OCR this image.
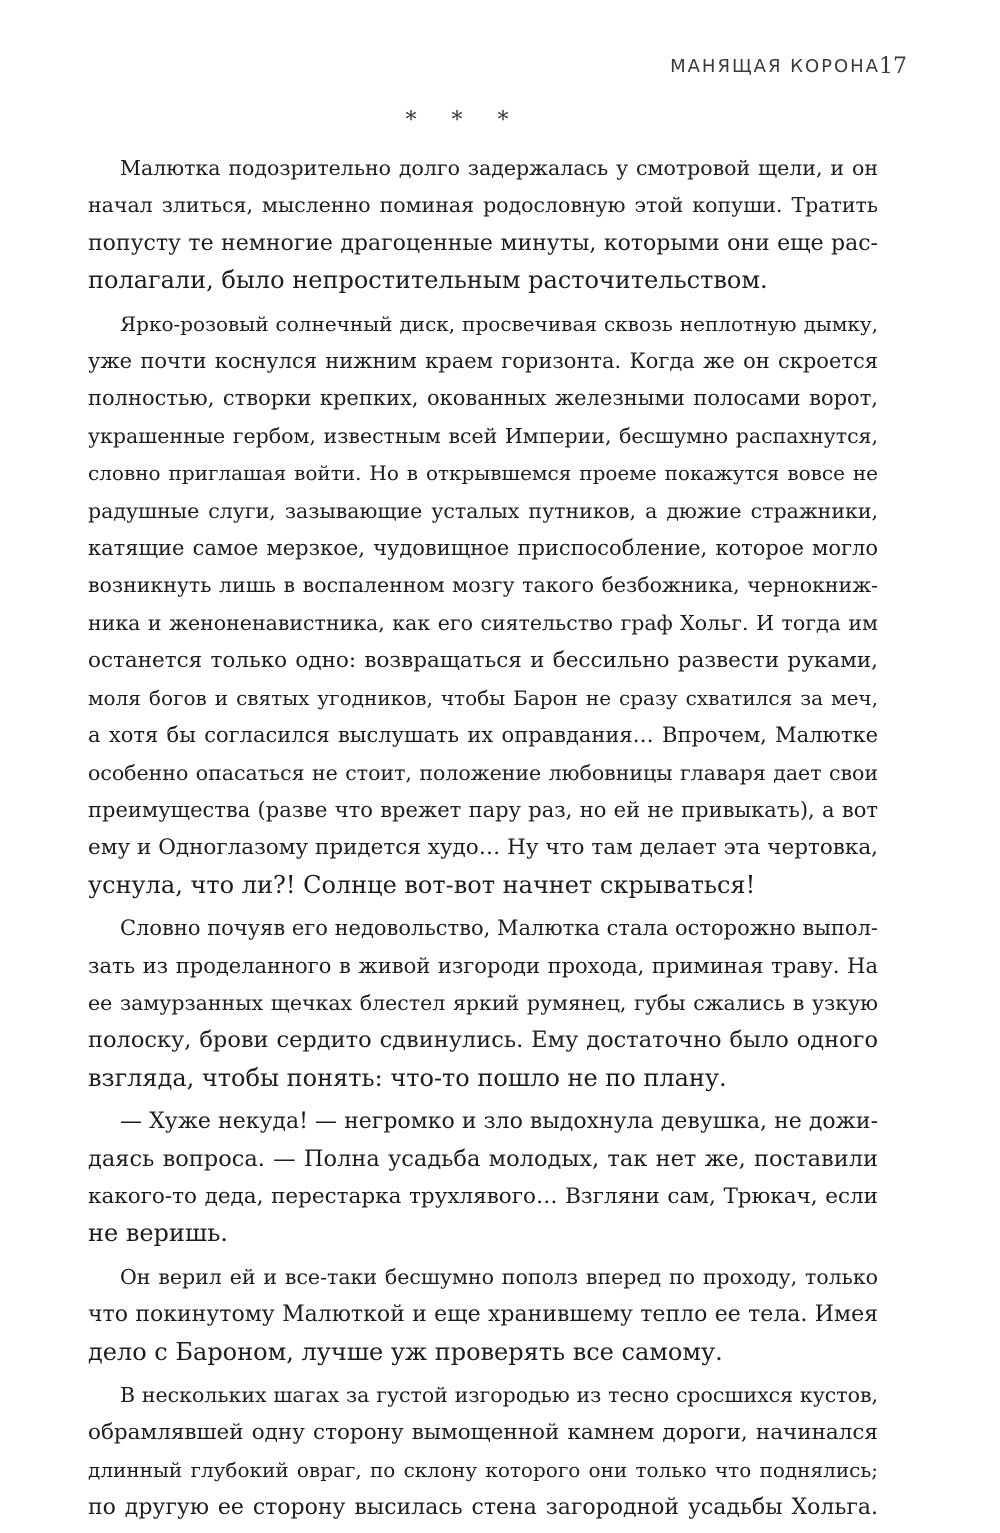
МАНЯЩАЯ КОРОНА 17
* * *

Малютка подозрительно долго задержалась у смотровой щели, и он
начал злиться, мысленно поминая родословную этой копуши. Тратить
попусту те немногие драгоценные минуты, которыми они еще рас-
полагали, было непростительным расточительством.

Ярко-розовый солнечный диск, просвечивая сквозь неплотную дымку,
уже почти коснулся нижним краем горизонта. Когда же он скроется
полностью, створки крепких, окованных железными полосами ворот,
украшенные гербом, известным всей Империи, бесшумно распахнутся,
словно приглашая войти. Но в открывшемся проеме покажутся вовсе не
радушные слуги, зазывающие усталых путников, а дюжие стражники,
катящие самое мерзкое, чудовищное приспособление, которое могло
возникнуть лишь в воспаленном мозгу такого безбожника, чернокниж-
ника и женоненавистника, как его сиятельство граф Хольг. И тогда им
останется только одно: возвращаться и бессильно развести руками,
моля богов и святых угодников, чтобы Барон не сразу схватился за меч,
а хотя бы согласился выслушать их оправдания… Впрочем, Малютке
особенно опасаться не стоит, положение любовницы главаря дает свои
преимущества (разве что врежет пару раз, но ей не привыкать), а вот
ему и Одноглазому придется худо… Ну что там делает эта чертовка,
уснула, что ли?! Солнце вот-вот начнет скрываться!

Словно почуяв его недовольство, Малютка стала осторожно выпол-
зать из проделанного в живой изгороди прохода, приминая траву. На
ее замурзанных щечках блестел яркий румянец, губы сжались в узкую
полоску, брови сердито сдвинулись. Ему достаточно было одного
взгляда, чтобы понять: что-то пошло не по плану.

— Хуже некуда! — негромко и зло выдохнула девушка, не дожи-
даясь вопроса. — Полна усадьба молодых, так нет же, поставили
какого-то деда, перестарка трухлявого… Взгляни сам, Трюкач, если
не веришь.

Он верил ей и все-таки бесшумно пополз вперед по проходу, только
что покинутому Малюткой и еще хранившему тепло ее тела. Имея
дело с Бароном, лучше уж проверять все самому.

В нескольких шагах за густой изгородью из тесно сросшихся кустов,
обрамлявшей одну сторону вымощенной камнем дороги, начинался
длинный глубокий овраг, по склону которого они только что поднялись;
по другую ее сторону высилась стена загородной усадьбы Хольга.
